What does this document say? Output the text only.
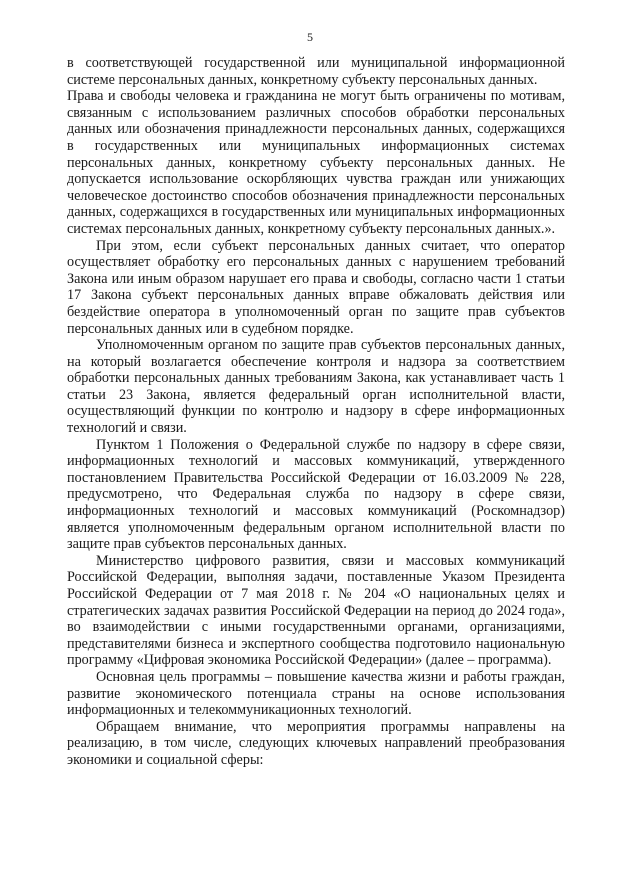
5

в соответствующей государственной или муниципальной информационной системе персональных данных, конкретному субъекту персональных данных.

Права и свободы человека и гражданина не могут быть ограничены по мотивам, связанным с использованием различных способов обработки персональных данных или обозначения принадлежности персональных данных, содержащихся в государственных или муниципальных информационных системах персональных данных, конкретному субъекту персональных данных. Не допускается использование оскорбляющих чувства граждан или унижающих человеческое достоинство способов обозначения принадлежности персональных данных, содержащихся в государственных или муниципальных информационных системах персональных данных, конкретному субъекту персональных данных.».

При этом, если субъект персональных данных считает, что оператор осуществляет обработку его персональных данных с нарушением требований Закона или иным образом нарушает его права и свободы, согласно части 1 статьи 17 Закона субъект персональных данных вправе обжаловать действия или бездействие оператора в уполномоченный орган по защите прав субъектов персональных данных или в судебном порядке.

Уполномоченным органом по защите прав субъектов персональных данных, на который возлагается обеспечение контроля и надзора за соответствием обработки персональных данных требованиям Закона, как устанавливает часть 1 статьи 23 Закона, является федеральный орган исполнительной власти, осуществляющий функции по контролю и надзору в сфере информационных технологий и связи.

Пунктом 1 Положения о Федеральной службе по надзору в сфере связи, информационных технологий и массовых коммуникаций, утвержденного постановлением Правительства Российской Федерации от 16.03.2009 № 228, предусмотрено, что Федеральная служба по надзору в сфере связи, информационных технологий и массовых коммуникаций (Роскомнадзор) является уполномоченным федеральным органом исполнительной власти по защите прав субъектов персональных данных.

Министерство цифрового развития, связи и массовых коммуникаций Российской Федерации, выполняя задачи, поставленные Указом Президента Российской Федерации от 7 мая 2018 г. № 204 «О национальных целях и стратегических задачах развития Российской Федерации на период до 2024 года», во взаимодействии с иными государственными органами, организациями, представителями бизнеса и экспертного сообщества подготовило национальную программу «Цифровая экономика Российской Федерации» (далее – программа).

Основная цель программы – повышение качества жизни и работы граждан, развитие экономического потенциала страны на основе использования информационных и телекоммуникационных технологий.

Обращаем внимание, что мероприятия программы направлены на реализацию, в том числе, следующих ключевых направлений преобразования экономики и социальной сферы:
